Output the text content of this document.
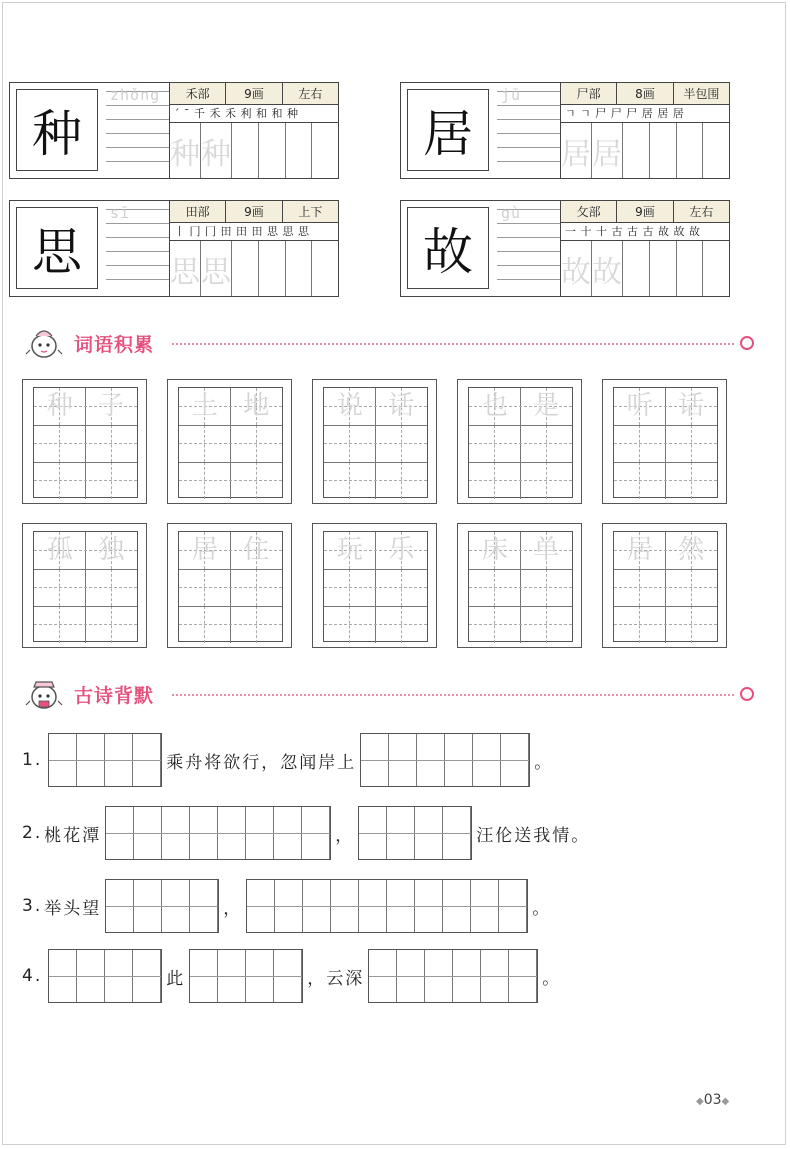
种
zhǒng	禾部	9画	左右
´ ˉ 千 禾 禾 利 和 和 种
种 种	居
jū	尸部	8画	半包围
ㄱ ㄱ 尸 尸 尸 居 居 居
居 居
思
sī	田部	9画	上下
丨 冂 冂 田 田 田 思 思 思
思 思	故
gù	攵部	9画	左右
一 十 十 古 古 古 故 故 故
故 故
词语积累
种 子	土 地	说 话	也 是	听 话
孤 独	居 住	玩 乐	床 单	居 然
古诗背默
1.	乘舟将欲行，忽闻岸上	。
2. 桃花潭	，	汪伦送我情。
3. 举头望	，	。
4.	此	，云深	。
◆03◆
